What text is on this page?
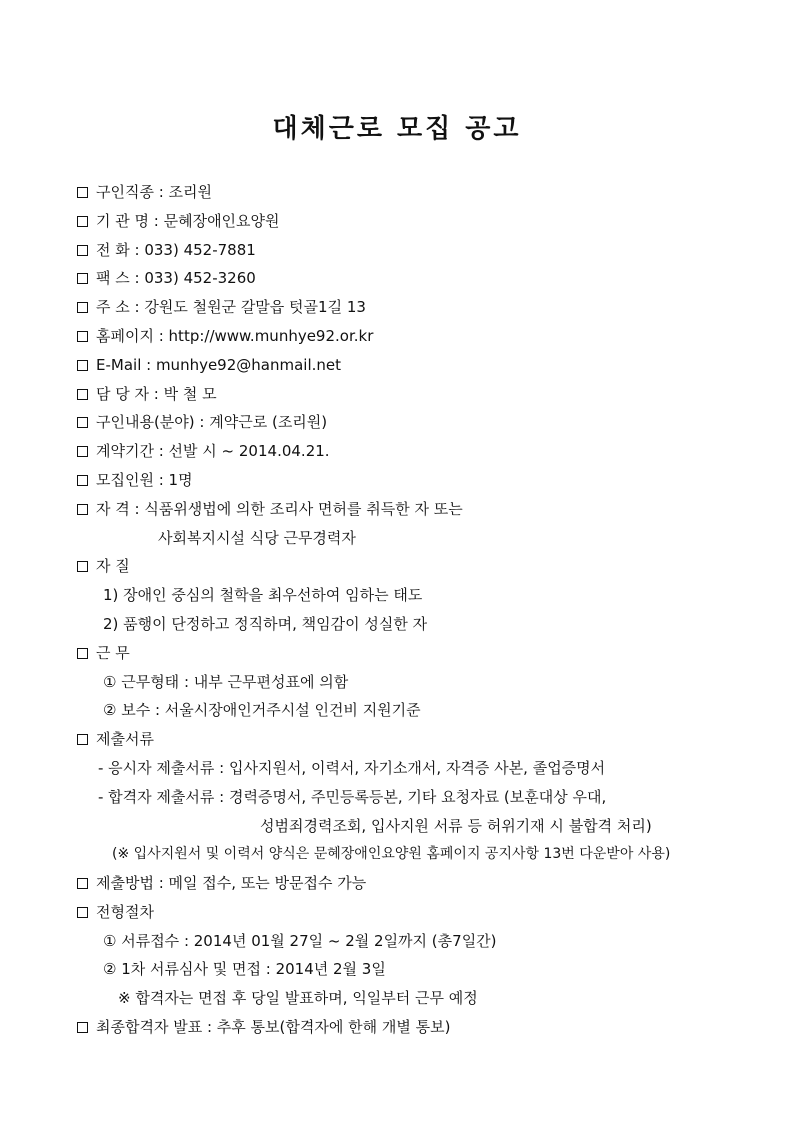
대체근로 모집 공고
구인직종 : 조리원
기 관 명 : 문혜장애인요양원
전 화 : 033) 452-7881
팩 스 : 033) 452-3260
주 소 : 강원도 철원군 갈말읍 텃골1길 13
홈페이지 : http://www.munhye92.or.kr
E-Mail : munhye92@hanmail.net
담 당 자 : 박 철 모
구인내용(분야) : 계약근로 (조리원)
계약기간 : 선발 시 ~ 2014.04.21.
모집인원 : 1명
자 격 : 식품위생법에 의한 조리사 면허를 취득한 자 또는
사회복지시설 식당 근무경력자
자 질
1) 장애인 중심의 철학을 최우선하여 임하는 태도
2) 품행이 단정하고 정직하며, 책임감이 성실한 자
근 무
① 근무형태 : 내부 근무편성표에 의함
② 보수 : 서울시장애인거주시설 인건비 지원기준
제출서류
- 응시자 제출서류 : 입사지원서, 이력서, 자기소개서, 자격증 사본, 졸업증명서
- 합격자 제출서류 : 경력증명서, 주민등록등본, 기타 요청자료 (보훈대상 우대,
성범죄경력조회, 입사지원 서류 등 허위기재 시 불합격 처리)
(※ 입사지원서 및 이력서 양식은 문혜장애인요양원 홈페이지 공지사항 13번 다운받아 사용)
제출방법 : 메일 접수, 또는 방문접수 가능
전형절차
① 서류접수 : 2014년 01월 27일 ~ 2월 2일까지 (총7일간)
② 1차 서류심사 및 면접 : 2014년 2월 3일
※ 합격자는 면접 후 당일 발표하며, 익일부터 근무 예정
최종합격자 발표 : 추후 통보(합격자에 한해 개별 통보)
